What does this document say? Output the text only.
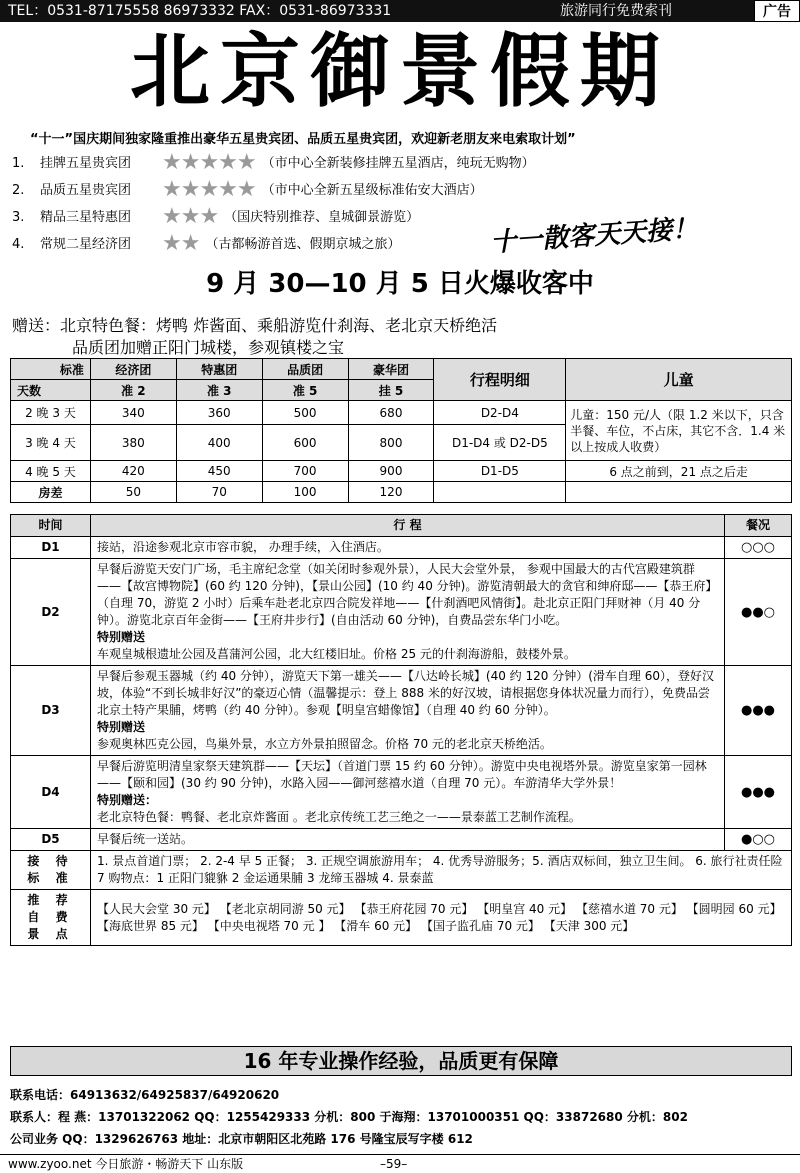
TEL：0531-87175558 86973332 FAX：0531-86973331	旅游同行免费索刊	广告
北京御景假期
“十一”国庆期间独家隆重推出豪华五星贵宾团、品质五星贵宾团，欢迎新老朋友来电索取计划”
1. 挂牌五星贵宾团 ★★★★★ （市中心全新装修挂牌五星酒店，纯玩无购物）
2. 品质五星贵宾团 ★★★★★ （市中心全新五星级标准佑安大酒店）
3. 精品三星特惠团 ★★★ （国庆特别推荐、皇城御景游览）
4. 常规二星经济团 ★★ （古都畅游首选、假期京城之旅）	十一散客天天接！
9 月 30—10 月 5 日火爆收客中
赠送：北京特色餐：烤鸭 炸酱面、乘船游览什刹海、老北京天桥绝活
品质团加赠正阳门城楼，参观镇楼之宝
标准	经济团	特惠团	品质团	豪华团	行程明细	儿童
天数	准 2	准 3	准 5	挂 5		
2 晚 3 天	340	360	500	680	D2-D4	儿童：150 元/人（限 1.2 米以下，只含半餐、车位，不占床，其它不含．1.4 米以上按成人收费）
3 晚 4 天	380	400	600	800	D1-D4 或 D2-D5	
4 晚 5 天	420	450	700	900	D1-D5	6 点之前到，21 点之后走
房差	50	70	100	120		
时间	行 程	餐况
D1	接站，沿途参观北京市容市貌， 办理手续，入住酒店。	○○○
D2	早餐后游览天安门广场，毛主席纪念堂（如关闭时参观外景），人民大会堂外景， 参观中国最大的古代宫殿建筑群——【故宫博物院】(60 约 120 分钟)，【景山公园】(10 约 40 分钟)。游览清朝最大的贪官和绅府邸——【恭王府】（自理 70，游览 2 小时）后乘车赴老北京四合院发祥地——【什刹酒吧风情街】。赴北京正阳门拜财神（月 40 分钟）。游览北京百年金街——【王府井步行】(自由活动 60 分钟)，自费品尝东华门小吃。
特别赠送
车观皇城根遗址公园及菖蒲河公园，北大红楼旧址。价格 25 元的什刹海游船，鼓楼外景。	●●○
D3	早餐后参观玉器城（约 40 分钟），游览天下第一雄关——【八达岭长城】(40 约 120 分钟）(滑车自理 60），登好汉坡，体验“不到长城非好汉”的豪迈心情（温馨提示：登上 888 米的好汉坡，请根据您身体状况量力而行），免费品尝北京土特产果脯，烤鸭（约 40 分钟）。参观【明皇宫蜡像馆】（自理 40 约 60 分钟）。
特别赠送
参观奥林匹克公园，鸟巢外景，水立方外景拍照留念。价格 70 元的老北京天桥绝活。	●●●
D4	早餐后游览明清皇家祭天建筑群——【天坛】（首道门票 15 约 60 分钟）。游览中央电视塔外景。游览皇家第一园林——【颐和园】(30 约 90 分钟)，水路入园——御河慈禧水道（自理 70 元）。车游清华大学外景！
特别赠送：
老北京特色餐：鸭餐、老北京炸酱面 。老北京传统工艺三绝之一——景泰蓝工艺制作流程。	●●●
D5	早餐后统一送站。	●○○
接 待 标 准	1. 景点首道门票； 2. 2-4 早 5 正餐； 3. 正规空调旅游用车； 4. 优秀导游服务；5. 酒店双标间，独立卫生间。 6. 旅行社责任险 7 购物点：1 正阳门貔貅 2 金运通果脯 3 龙缔玉器城 4. 景泰蓝	
推 荐 自 费 景 点	【人民大会堂 30 元】 【老北京胡同游 50 元】 【恭王府花园 70 元】 【明皇宫 40 元】 【慈禧水道 70 元】 【圆明园 60 元】 【海底世界 85 元】 【中央电视塔 70 元 】 【滑车 60 元】 【国子监孔庙 70 元】 【天津 300 元】	
16 年专业操作经验，品质更有保障
联系电话：64913632/64925837/64920620
联系人：程 燕：13701322062 QQ：1255429333 分机：800 于海翔：13701000351 QQ：33872680 分机：802
公司业务 QQ：1329626763 地址：北京市朝阳区北苑路 176 号隆宝辰写字楼 612
www.zyoo.net 今日旅游・畅游天下 山东版	–59–
